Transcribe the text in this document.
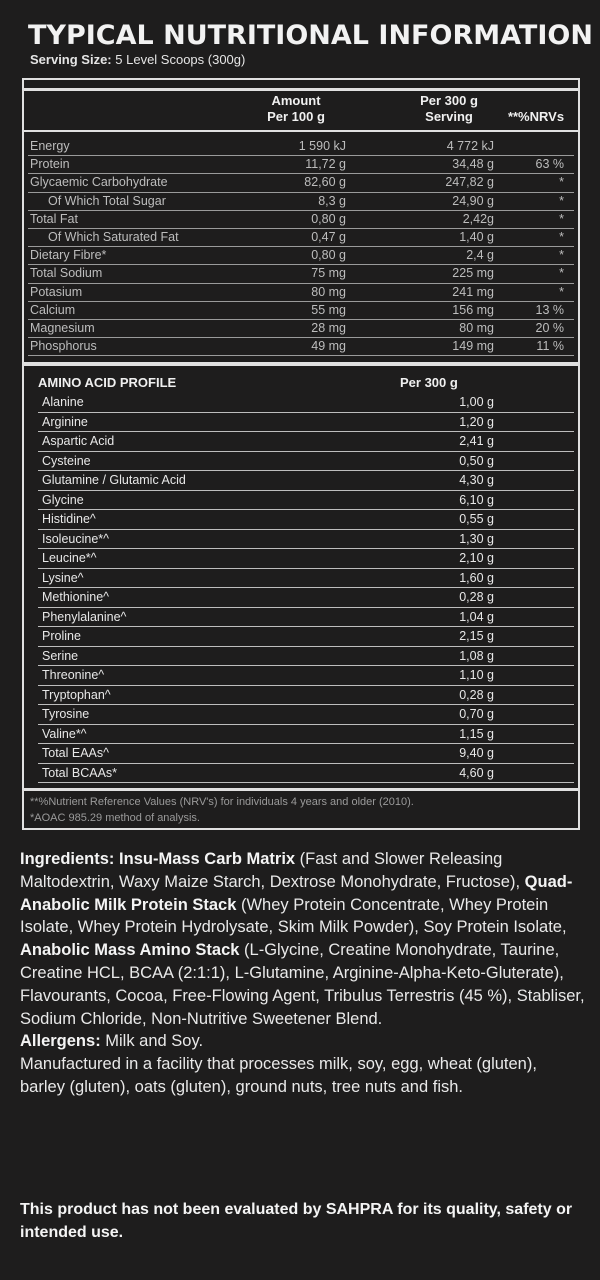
TYPICAL NUTRITIONAL INFORMATION
Serving Size: 5 Level Scoops (300g)
Amount
Per 100 g
Per 300 g
Serving	**%NRVs
Energy	1 590 kJ	4 772 kJ
Protein	11,72 g	34,48 g	63 %
Glycaemic Carbohydrate	82,60 g	247,82 g	*
Of Which Total Sugar	8,3 g	24,90 g	*
Total Fat	0,80 g	2,42g	*
Of Which Saturated Fat	0,47 g	1,40 g	*
Dietary Fibre*	0,80 g	2,4 g	*
Total Sodium	75 mg	225 mg	*
Potasium	80 mg	241 mg	*
Calcium	55 mg	156 mg	13 %
Magnesium	28 mg	80 mg	20 %
Phosphorus	49 mg	149 mg	11 %
AMINO ACID PROFILE	Per 300 g
Alanine	1,00 g
Arginine	1,20 g
Aspartic Acid	2,41 g
Cysteine	0,50 g
Glutamine / Glutamic Acid	4,30 g
Glycine	6,10 g
Histidine^	0,55 g
Isoleucine*^	1,30 g
Leucine*^	2,10 g
Lysine^	1,60 g
Methionine^	0,28 g
Phenylalanine^	1,04 g
Proline	2,15 g
Serine	1,08 g
Threonine^	1,10 g
Tryptophan^	0,28 g
Tyrosine	0,70 g
Valine*^	1,15 g
Total EAAs^	9,40 g
Total BCAAs*	4,60 g
**%Nutrient Reference Values (NRV's) for individuals 4 years and older (2010).
*AOAC 985.29 method of analysis.

Ingredients: Insu-Mass Carb Matrix (Fast and Slower Releasing Maltodextrin, Waxy Maize Starch, Dextrose Monohydrate, Fructose), Quad-Anabolic Milk Protein Stack (Whey Protein Concentrate, Whey Protein Isolate, Whey Protein Hydrolysate, Skim Milk Powder), Soy Protein Isolate, Anabolic Mass Amino Stack (L-Glycine, Creatine Monohydrate, Taurine, Creatine HCL, BCAA (2:1:1), L-Glutamine, Arginine-Alpha-Keto-Gluterate), Flavourants, Cocoa, Free-Flowing Agent, Tribulus Terrestris (45 %), Stabliser, Sodium Chloride, Non-Nutritive Sweetener Blend.

Allergens: Milk and Soy.

Manufactured in a facility that processes milk, soy, egg, wheat (gluten), barley (gluten), oats (gluten), ground nuts, tree nuts and fish.

This product has not been evaluated by SAHPRA for its quality, safety or intended use.
